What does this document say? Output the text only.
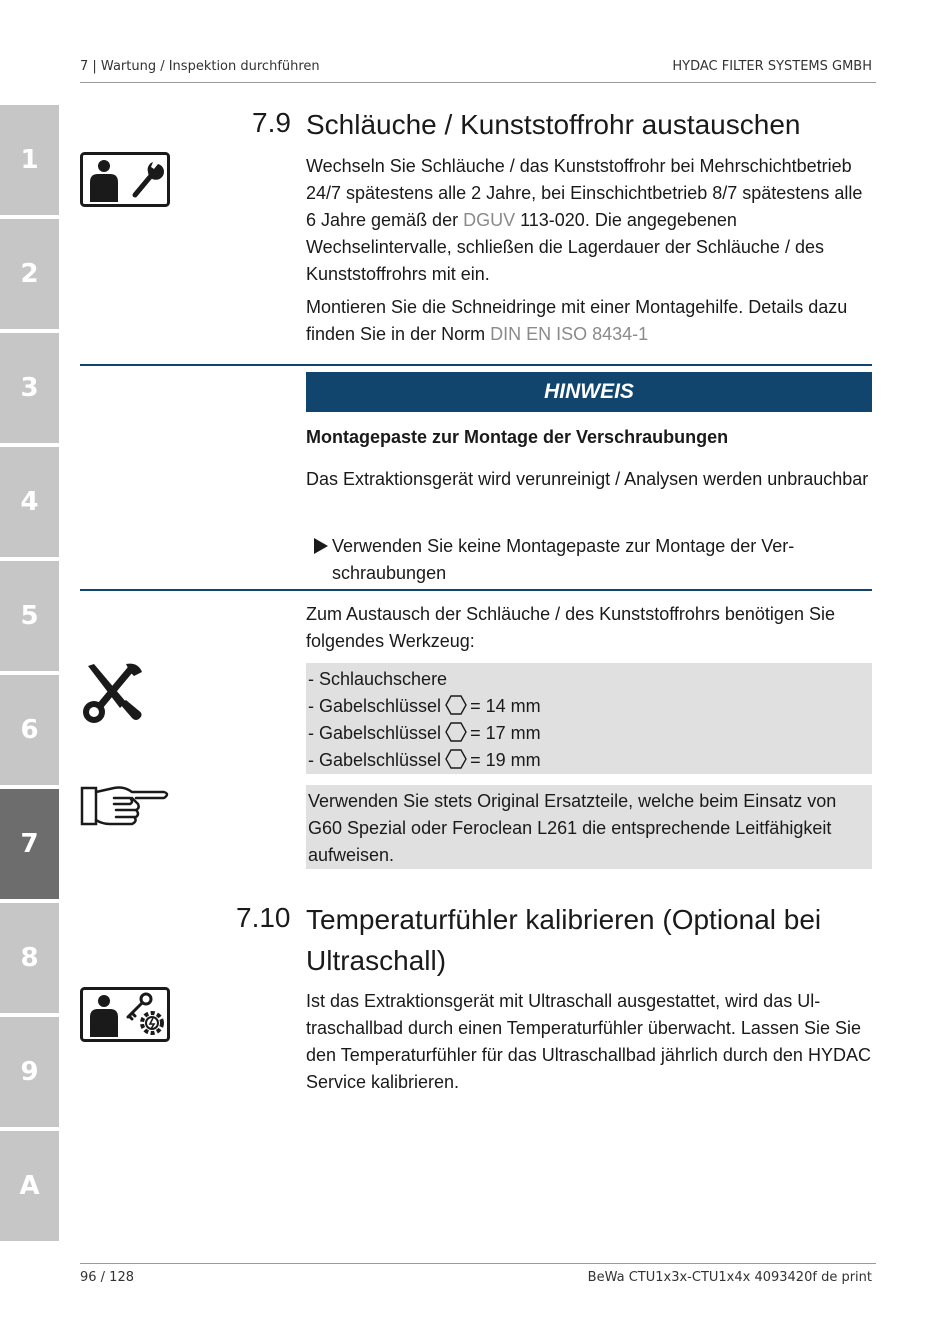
7 | Wartung / Inspektion durchführen	HYDAC FILTER SYSTEMS GMBH
1
2
3
4
5
6
7
8
9
A
7.9 Schläuche / Kunststoffrohr austauschen
Wechseln Sie Schläuche / das Kunststoffrohr bei Mehrschichtbetrieb 24/7 spätestens alle 2 Jahre, bei Einschichtbetrieb 8/7 spätestens alle 6 Jahre gemäß der DGUV 113-020. Die angegebenen Wechselintervalle, schließen die Lagerdauer der Schläuche / des Kunststoffrohrs mit ein.
Montieren Sie die Schneidringe mit einer Montagehilfe. Details dazu finden Sie in der Norm DIN EN ISO 8434-1
HINWEIS
Montagepaste zur Montage der Verschraubungen
Das Extraktionsgerät wird verunreinigt / Analysen werden unbrauchbar
Verwenden Sie keine Montagepaste zur Montage der Verschraubungen
Zum Austausch der Schläuche / des Kunststoffrohrs benötigen Sie folgendes Werkzeug:
- Schlauchschere
- Gabelschlüssel = 14 mm
- Gabelschlüssel = 17 mm
- Gabelschlüssel = 19 mm
Verwenden Sie stets Original Ersatzteile, welche beim Einsatz von G60 Spezial oder Feroclean L261 die entsprechende Leitfähigkeit aufweisen.
7.10 Temperaturfühler kalibrieren (Optional bei Ultraschall)
Ist das Extraktionsgerät mit Ultraschall ausgestattet, wird das Ultraschallbad durch einen Temperaturfühler überwacht. Lassen Sie Sie den Temperaturfühler für das Ultraschallbad jährlich durch den HYDAC Service kalibrieren.
96 / 128	BeWa CTU1x3x-CTU1x4x 4093420f de print
